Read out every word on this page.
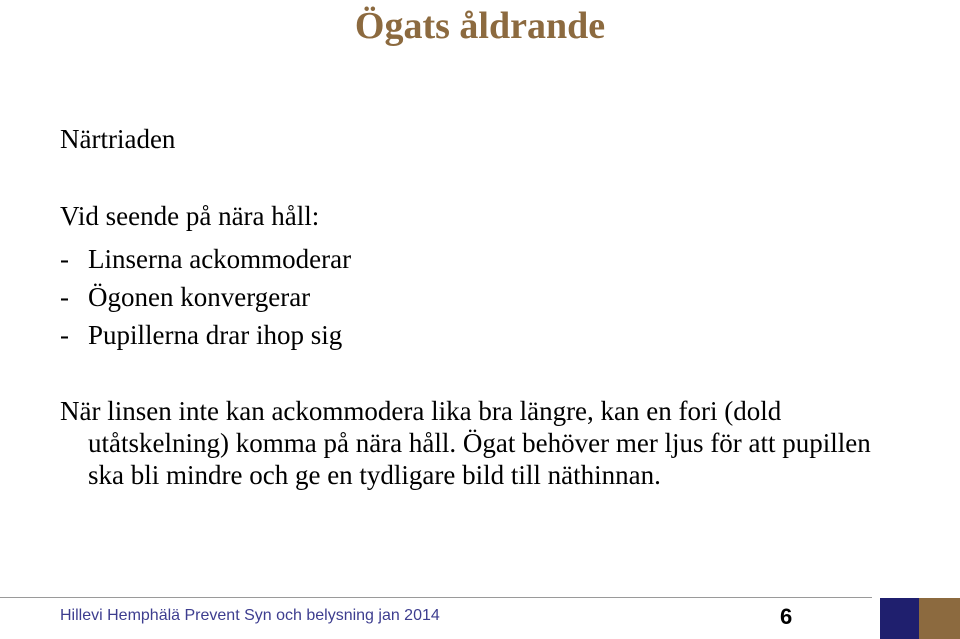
Ögats åldrande
Närtriaden
Vid seende på nära håll:
- Linserna ackommoderar
- Ögonen konvergerar
- Pupillerna drar ihop sig
När linsen inte kan ackommodera lika bra längre, kan en fori (dold utåtskelning) komma på nära håll. Ögat behöver mer ljus för att pupillen ska bli mindre och ge en tydligare bild till näthinnan.
Hillevi Hemphälä Prevent Syn och belysning jan 2014	6
